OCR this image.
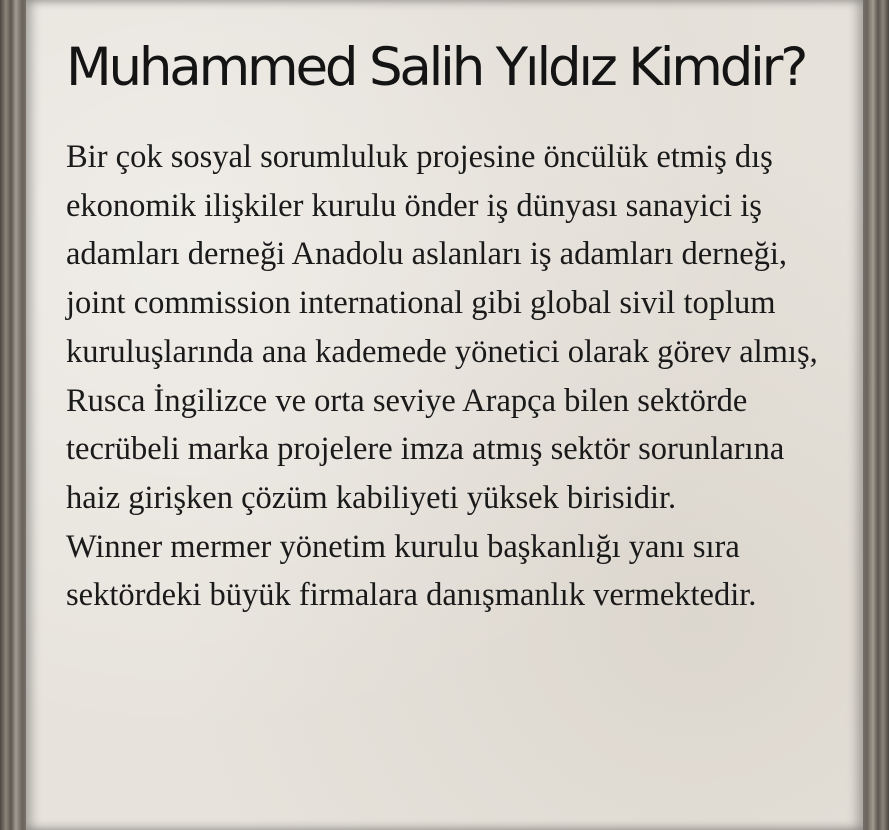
Muhammed Salih Yıldız Kimdir?

Bir çok sosyal sorumluluk projesine öncülük etmiş dış ekonomik ilişkiler kurulu önder iş dünyası sanayici iş adamları derneği Anadolu aslanları iş adamları derneği, joint commission international gibi global sivil toplum kuruluşlarında ana kademede yönetici olarak görev almış, Rusca İngilizce ve orta seviye Arapça bilen sektörde tecrübeli marka projelere imza atmış sektör sorunlarına haiz girişken çözüm kabiliyeti yüksek birisidir.

Winner mermer yönetim kurulu başkanlığı yanı sıra sektördeki büyük firmalara danışmanlık vermektedir.
